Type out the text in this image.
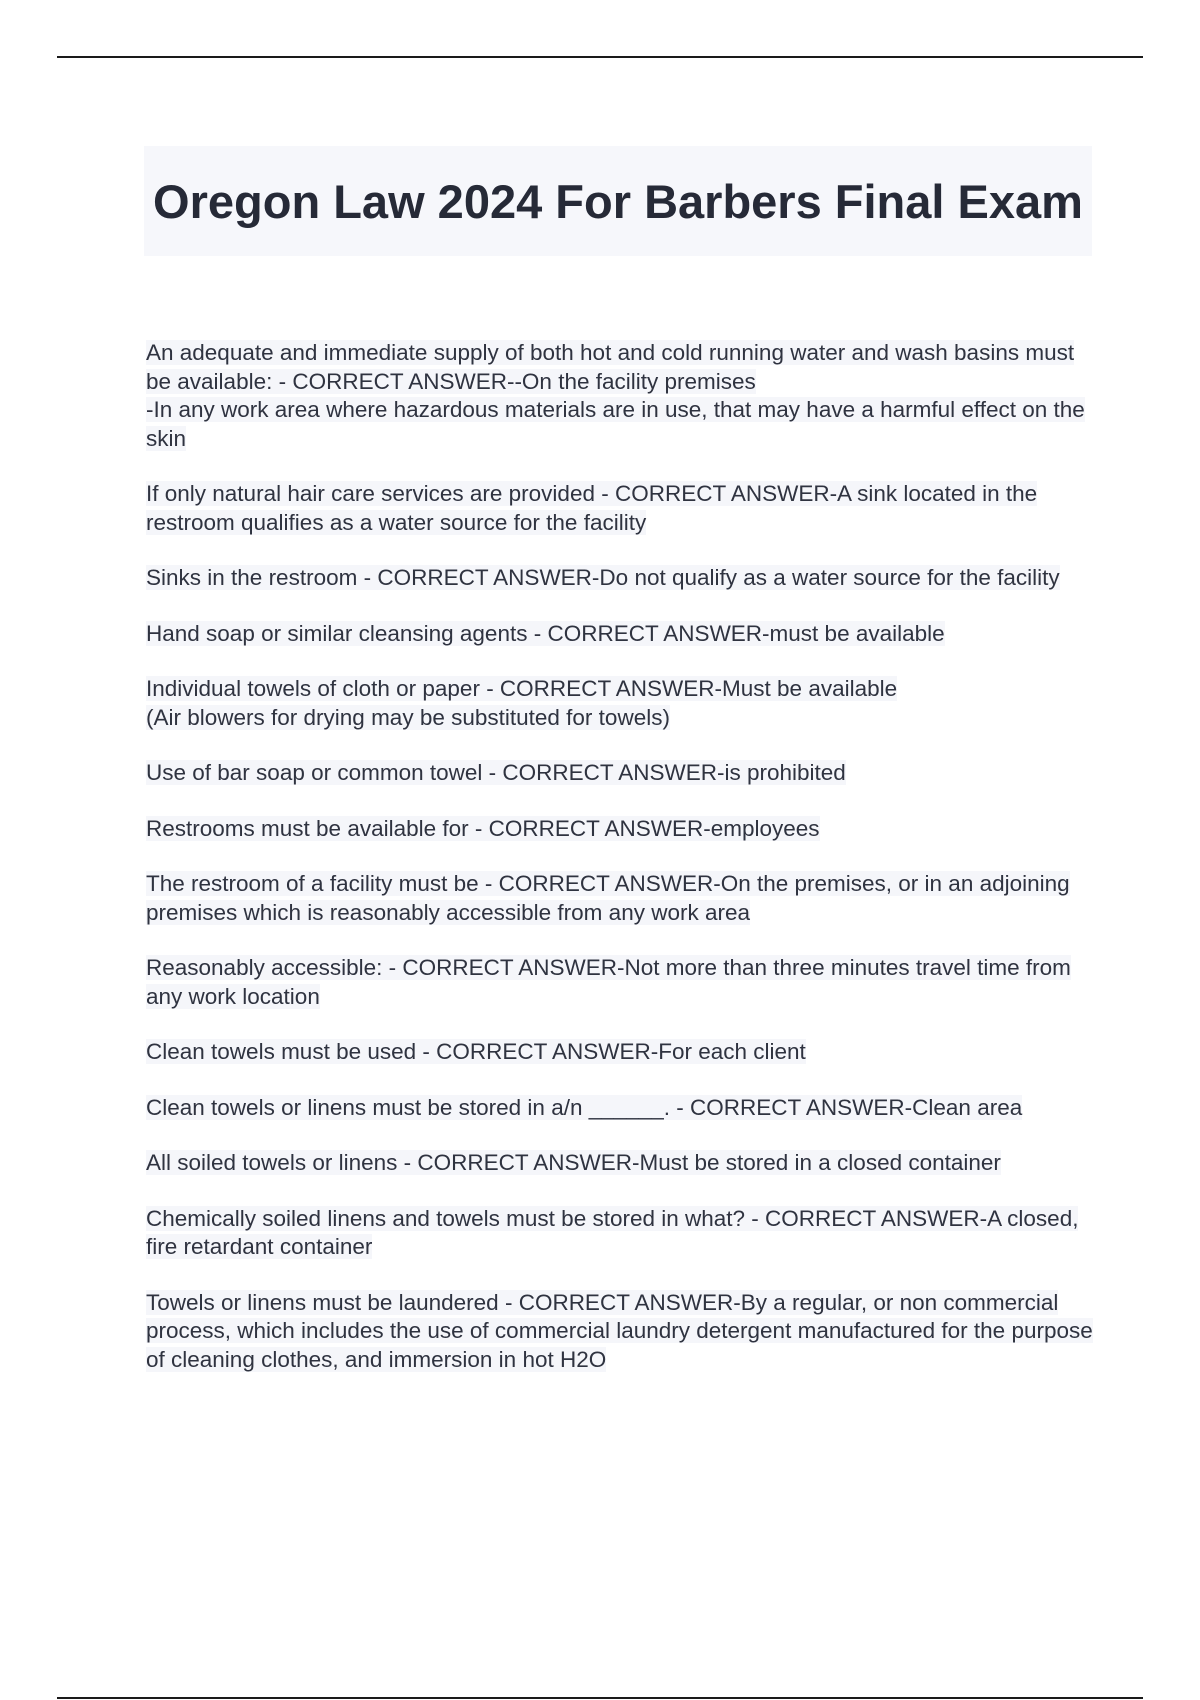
Oregon Law 2024 For Barbers Final Exam

An adequate and immediate supply of both hot and cold running water and wash basins must be available: - CORRECT ANSWER--On the facility premises
-In any work area where hazardous materials are in use, that may have a harmful effect on the skin

If only natural hair care services are provided - CORRECT ANSWER-A sink located in the restroom qualifies as a water source for the facility

Sinks in the restroom - CORRECT ANSWER-Do not qualify as a water source for the facility

Hand soap or similar cleansing agents - CORRECT ANSWER-must be available

Individual towels of cloth or paper - CORRECT ANSWER-Must be available
(Air blowers for drying may be substituted for towels)

Use of bar soap or common towel - CORRECT ANSWER-is prohibited

Restrooms must be available for - CORRECT ANSWER-employees

The restroom of a facility must be - CORRECT ANSWER-On the premises, or in an adjoining premises which is reasonably accessible from any work area

Reasonably accessible: - CORRECT ANSWER-Not more than three minutes travel time from any work location

Clean towels must be used - CORRECT ANSWER-For each client

Clean towels or linens must be stored in a/n ______. - CORRECT ANSWER-Clean area

All soiled towels or linens - CORRECT ANSWER-Must be stored in a closed container

Chemically soiled linens and towels must be stored in what? - CORRECT ANSWER-A closed, fire retardant container

Towels or linens must be laundered - CORRECT ANSWER-By a regular, or non commercial process, which includes the use of commercial laundry detergent manufactured for the purpose of cleaning clothes, and immersion in hot H2O
